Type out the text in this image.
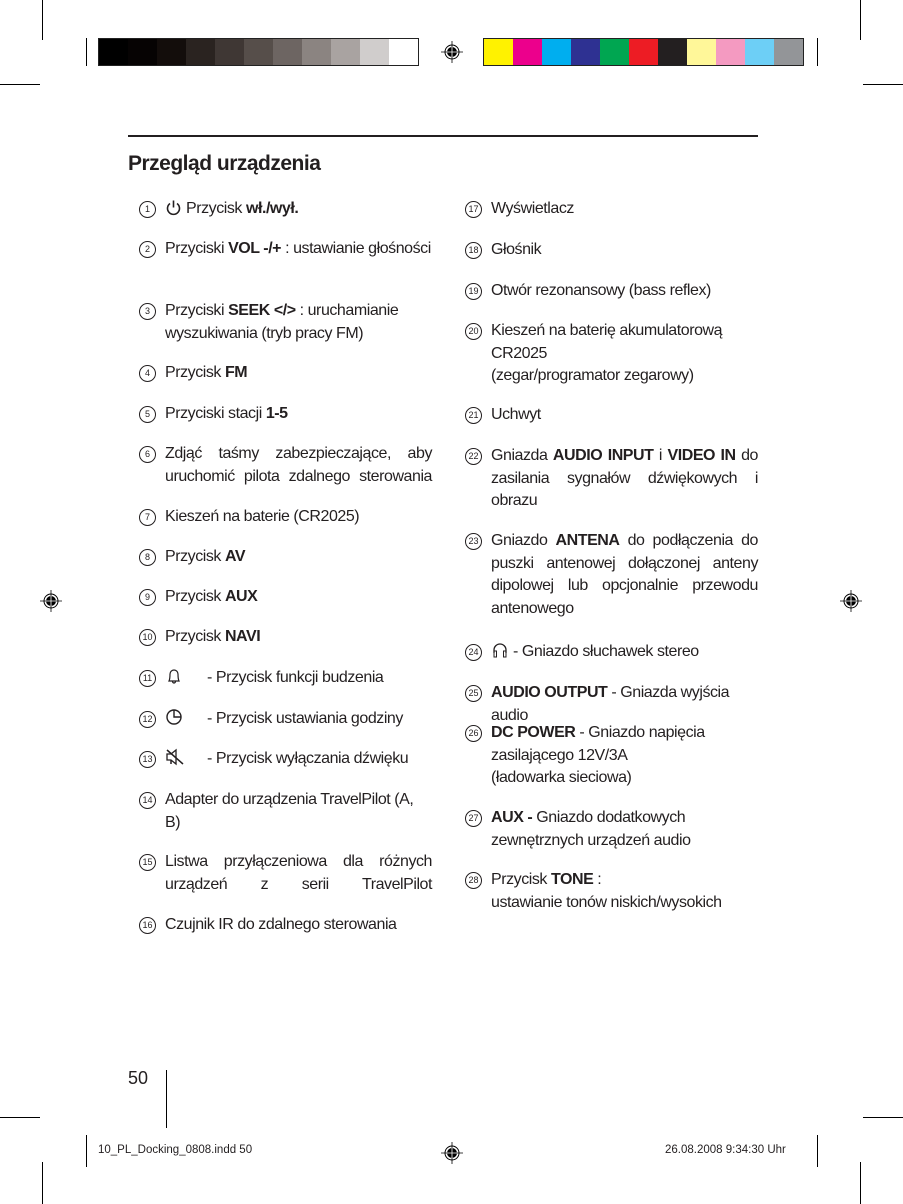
Przegląd urządzenia
1	Przycisk wł./wył.
2 Przyciski VOL -/+ : ustawianie głośności
3 Przyciski SEEK </> : uruchamianie wyszukiwania (tryb pracy FM)
4 Przycisk FM
5 Przyciski stacji 1-5
6 Zdjąć taśmy zabezpieczające, aby uruchomić pilota zdalnego sterowania
7 Kieszeń na baterie (CR2025)
8 Przycisk AV
9 Przycisk AUX
10 Przycisk NAVI
11	- Przycisk funkcji budzenia
12	- Przycisk ustawiania godziny
13	- Przycisk wyłączania dźwięku
14 Adapter do urządzenia TravelPilot (A, B)
15 Listwa przyłączeniowa dla różnych urządzeń z serii TravelPilot
16 Czujnik IR do zdalnego sterowania
17 Wyświetlacz
18 Głośnik
19 Otwór rezonansowy (bass reflex)
20 Kieszeń na baterię akumulatorową CR2025
(zegar/programator zegarowy)
21 Uchwyt
22 Gniazda AUDIO INPUT i VIDEO IN do zasilania sygnałów dźwiękowych i obrazu
23 Gniazdo ANTENA do podłączenia do puszki antenowej dołączonej anteny dipolowej lub opcjonalnie przewodu antenowego
24 - Gniazdo słuchawek stereo
25 AUDIO OUTPUT - Gniazda wyjścia audio
26 DC POWER - Gniazdo napięcia zasilającego 12V/3A
(ładowarka sieciowa)
27 AUX - Gniazdo dodatkowych zewnętrznych urządzeń audio
28 Przycisk TONE :
ustawianie tonów niskich/wysokich
50
10_PL_Docking_0808.indd 50	26.08.2008 9:34:30 Uhr
